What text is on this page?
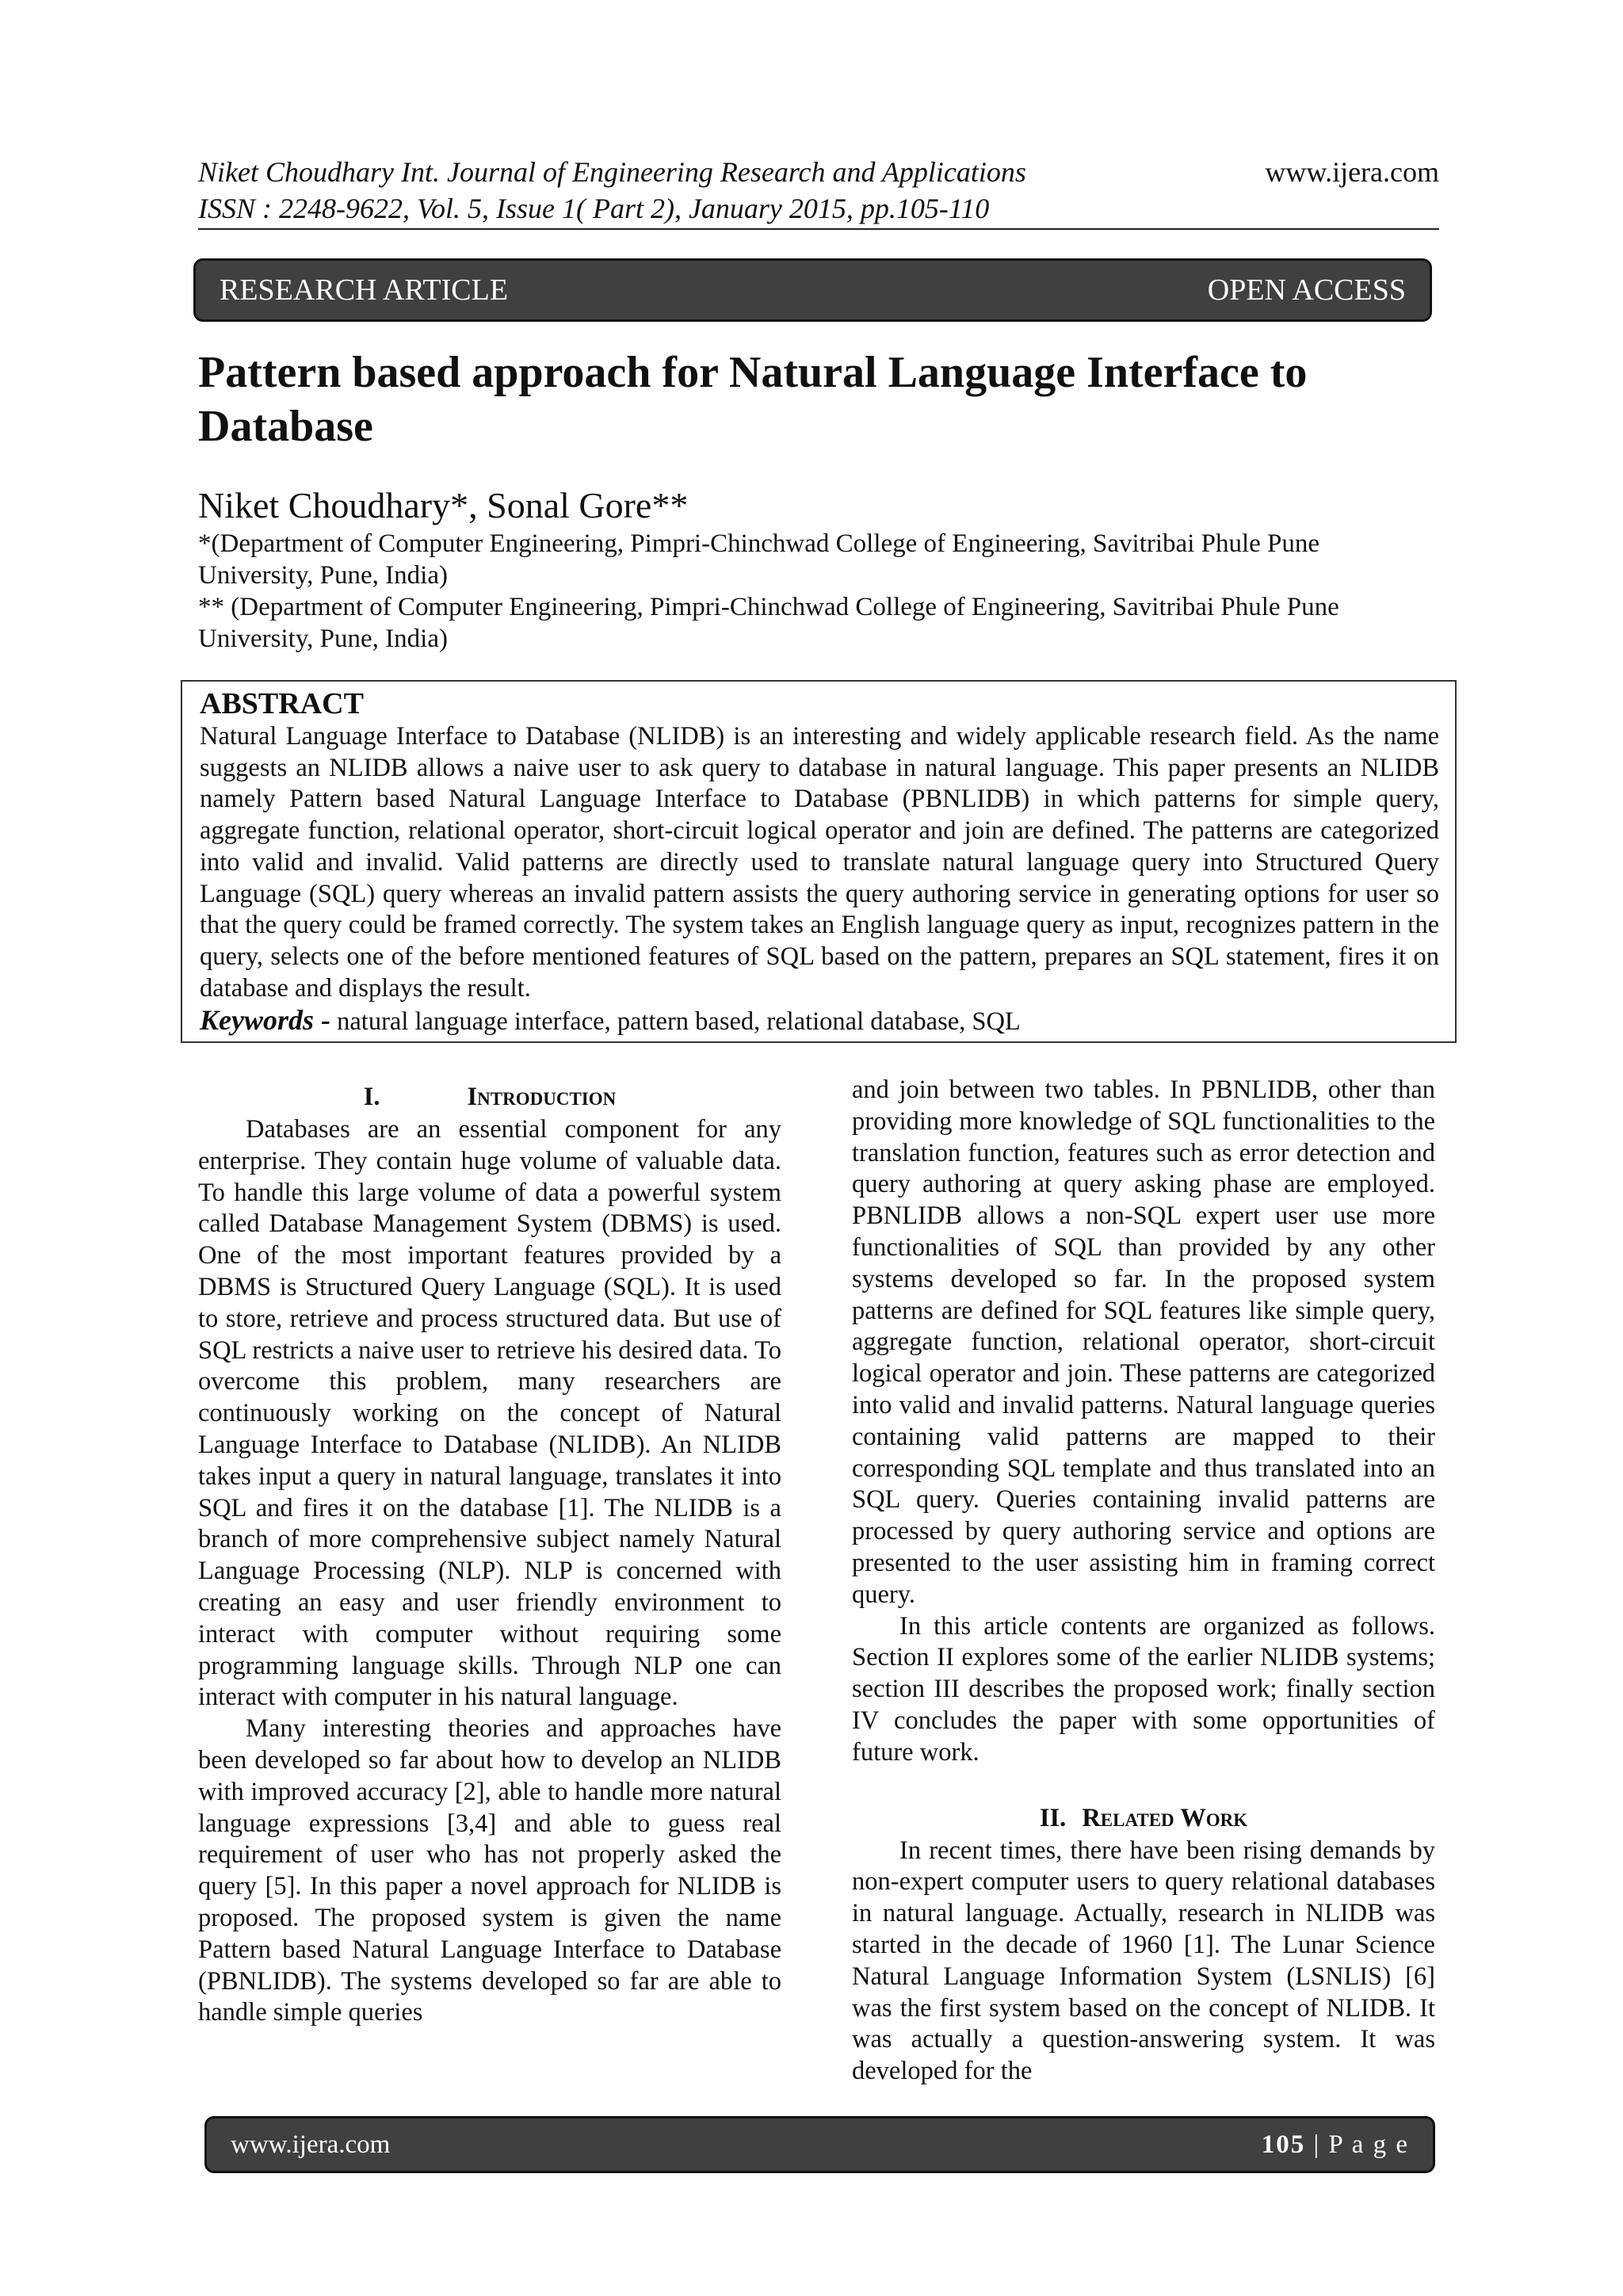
Niket Choudhary Int. Journal of Engineering Research and Applications	www.ijera.com
ISSN : 2248-9622, Vol. 5, Issue 1( Part 2), January 2015, pp.105-110
RESEARCH ARTICLE	OPEN ACCESS
Pattern based approach for Natural Language Interface to Database
Niket Choudhary*, Sonal Gore**
*(Department of Computer Engineering, Pimpri-Chinchwad College of Engineering, Savitribai Phule Pune University, Pune, India)
** (Department of Computer Engineering, Pimpri-Chinchwad College of Engineering, Savitribai Phule Pune University, Pune, India)

ABSTRACT

Natural Language Interface to Database (NLIDB) is an interesting and widely applicable research field. As the name suggests an NLIDB allows a naive user to ask query to database in natural language. This paper presents an NLIDB namely Pattern based Natural Language Interface to Database (PBNLIDB) in which patterns for simple query, aggregate function, relational operator, short-circuit logical operator and join are defined. The patterns are categorized into valid and invalid. Valid patterns are directly used to translate natural language query into Structured Query Language (SQL) query whereas an invalid pattern assists the query authoring service in generating options for user so that the query could be framed correctly. The system takes an English language query as input, recognizes pattern in the query, selects one of the before mentioned features of SQL based on the pattern, prepares an SQL statement, fires it on database and displays the result.

Keywords - natural language interface, pattern based, relational database, SQL

I.	Introduction

Databases are an essential component for any enterprise. They contain huge volume of valuable data. To handle this large volume of data a powerful system called Database Management System (DBMS) is used. One of the most important features provided by a DBMS is Structured Query Language (SQL). It is used to store, retrieve and process structured data. But use of SQL restricts a naive user to retrieve his desired data. To overcome this problem, many researchers are continuously working on the concept of Natural Language Interface to Database (NLIDB). An NLIDB takes input a query in natural language, translates it into SQL and fires it on the database [1]. The NLIDB is a branch of more comprehensive subject namely Natural Language Processing (NLP). NLP is concerned with creating an easy and user friendly environment to interact with computer without requiring some programming language skills. Through NLP one can interact with computer in his natural language.

Many interesting theories and approaches have been developed so far about how to develop an NLIDB with improved accuracy [2], able to handle more natural language expressions [3,4] and able to guess real requirement of user who has not properly asked the query [5]. In this paper a novel approach for NLIDB is proposed. The proposed system is given the name Pattern based Natural Language Interface to Database (PBNLIDB). The systems developed so far are able to handle simple queries

and join between two tables. In PBNLIDB, other than providing more knowledge of SQL functionalities to the translation function, features such as error detection and query authoring at query asking phase are employed. PBNLIDB allows a non-SQL expert user use more functionalities of SQL than provided by any other systems developed so far. In the proposed system patterns are defined for SQL features like simple query, aggregate function, relational operator, short-circuit logical operator and join. These patterns are categorized into valid and invalid patterns. Natural language queries containing valid patterns are mapped to their corresponding SQL template and thus translated into an SQL query. Queries containing invalid patterns are processed by query authoring service and options are presented to the user assisting him in framing correct query.

In this article contents are organized as follows. Section II explores some of the earlier NLIDB systems; section III describes the proposed work; finally section IV concludes the paper with some opportunities of future work.

II. Related Work

In recent times, there have been rising demands by non-expert computer users to query relational databases in natural language. Actually, research in NLIDB was started in the decade of 1960 [1]. The Lunar Science Natural Language Information System (LSNLIS) [6] was the first system based on the concept of NLIDB. It was actually a question-answering system. It was developed for the

www.ijera.com	105 | P a g e
